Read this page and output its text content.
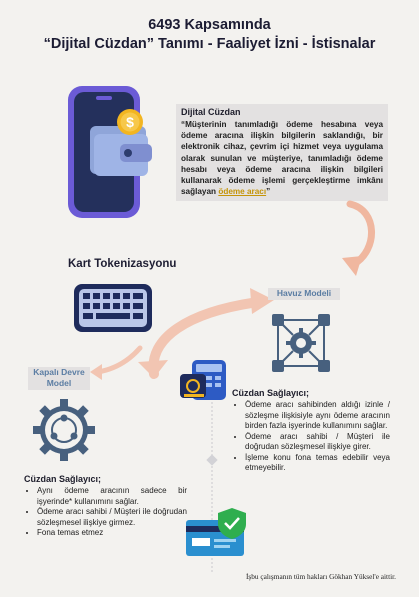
6493 Kapsamında
“Dijital Cüzdan” Tanımı - Faaliyet İzni - İstisnalar
$
Dijital Cüzdan
“Müşterinin tanımladığı ödeme hesabına veya ödeme aracına ilişkin bilgilerin saklandığı, bir elektronik cihaz, çevrim içi hizmet veya uygulama olarak sunulan ve müşteriye, tanımladığı ödeme hesabı veya ödeme aracına ilişkin bilgileri kullanarak ödeme işlemi gerçekleştirme imkânı sağlayan ödeme aracı”
Kart Tokenizasyonu
Havuz Modeli
Cüzdan Sağlayıcı;
• Ödeme aracı sahibinden aldığı izinle / sözleşme ilişkisiyle aynı ödeme aracının birden fazla işyerinde kullanımını sağlar.
• Ödeme aracı sahibi / Müşteri ile doğrudan sözleşmesel ilişkiye girer.
• İşleme konu fona temas edebilir veya etmeyebilir.
Kapalı Devre
Model
Cüzdan Sağlayıcı;
• Aynı ödeme aracının sadece bir işyerinde* kullanımını sağlar.
• Ödeme aracı sahibi / Müşteri ile doğrudan sözleşmesel ilişkiye girmez.
• Fona temas etmez
İşbu çalışmanın tüm hakları Gökhan Yüksel'e aittir.
